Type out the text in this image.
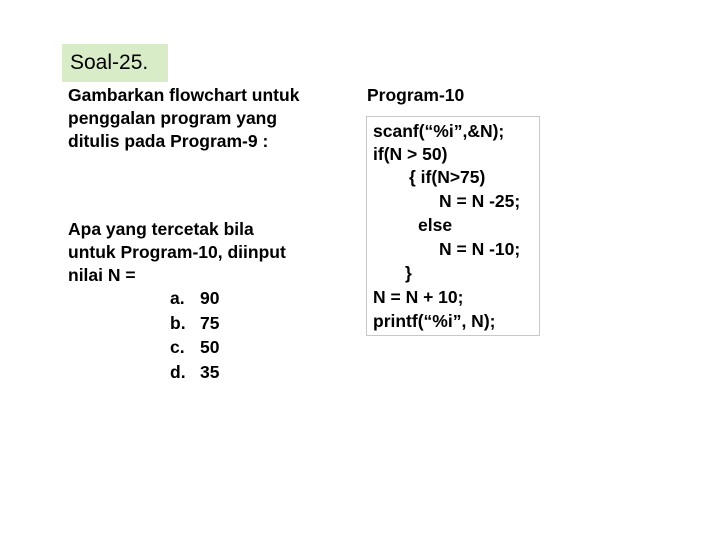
Soal-25.

Gambarkan flowchart untuk

penggalan program yang

ditulis pada Program-9 :

Apa yang tercetak bila

untuk Program-10, diinput

nilai N =

a. 90
b. 75
c. 50
d. 35
Program-10
scanf(“%i”,&N);
if(N > 50)
{ if(N>75)
N = N -25;
else
N = N -10;
}
N = N + 10;
printf(“%i”, N);
